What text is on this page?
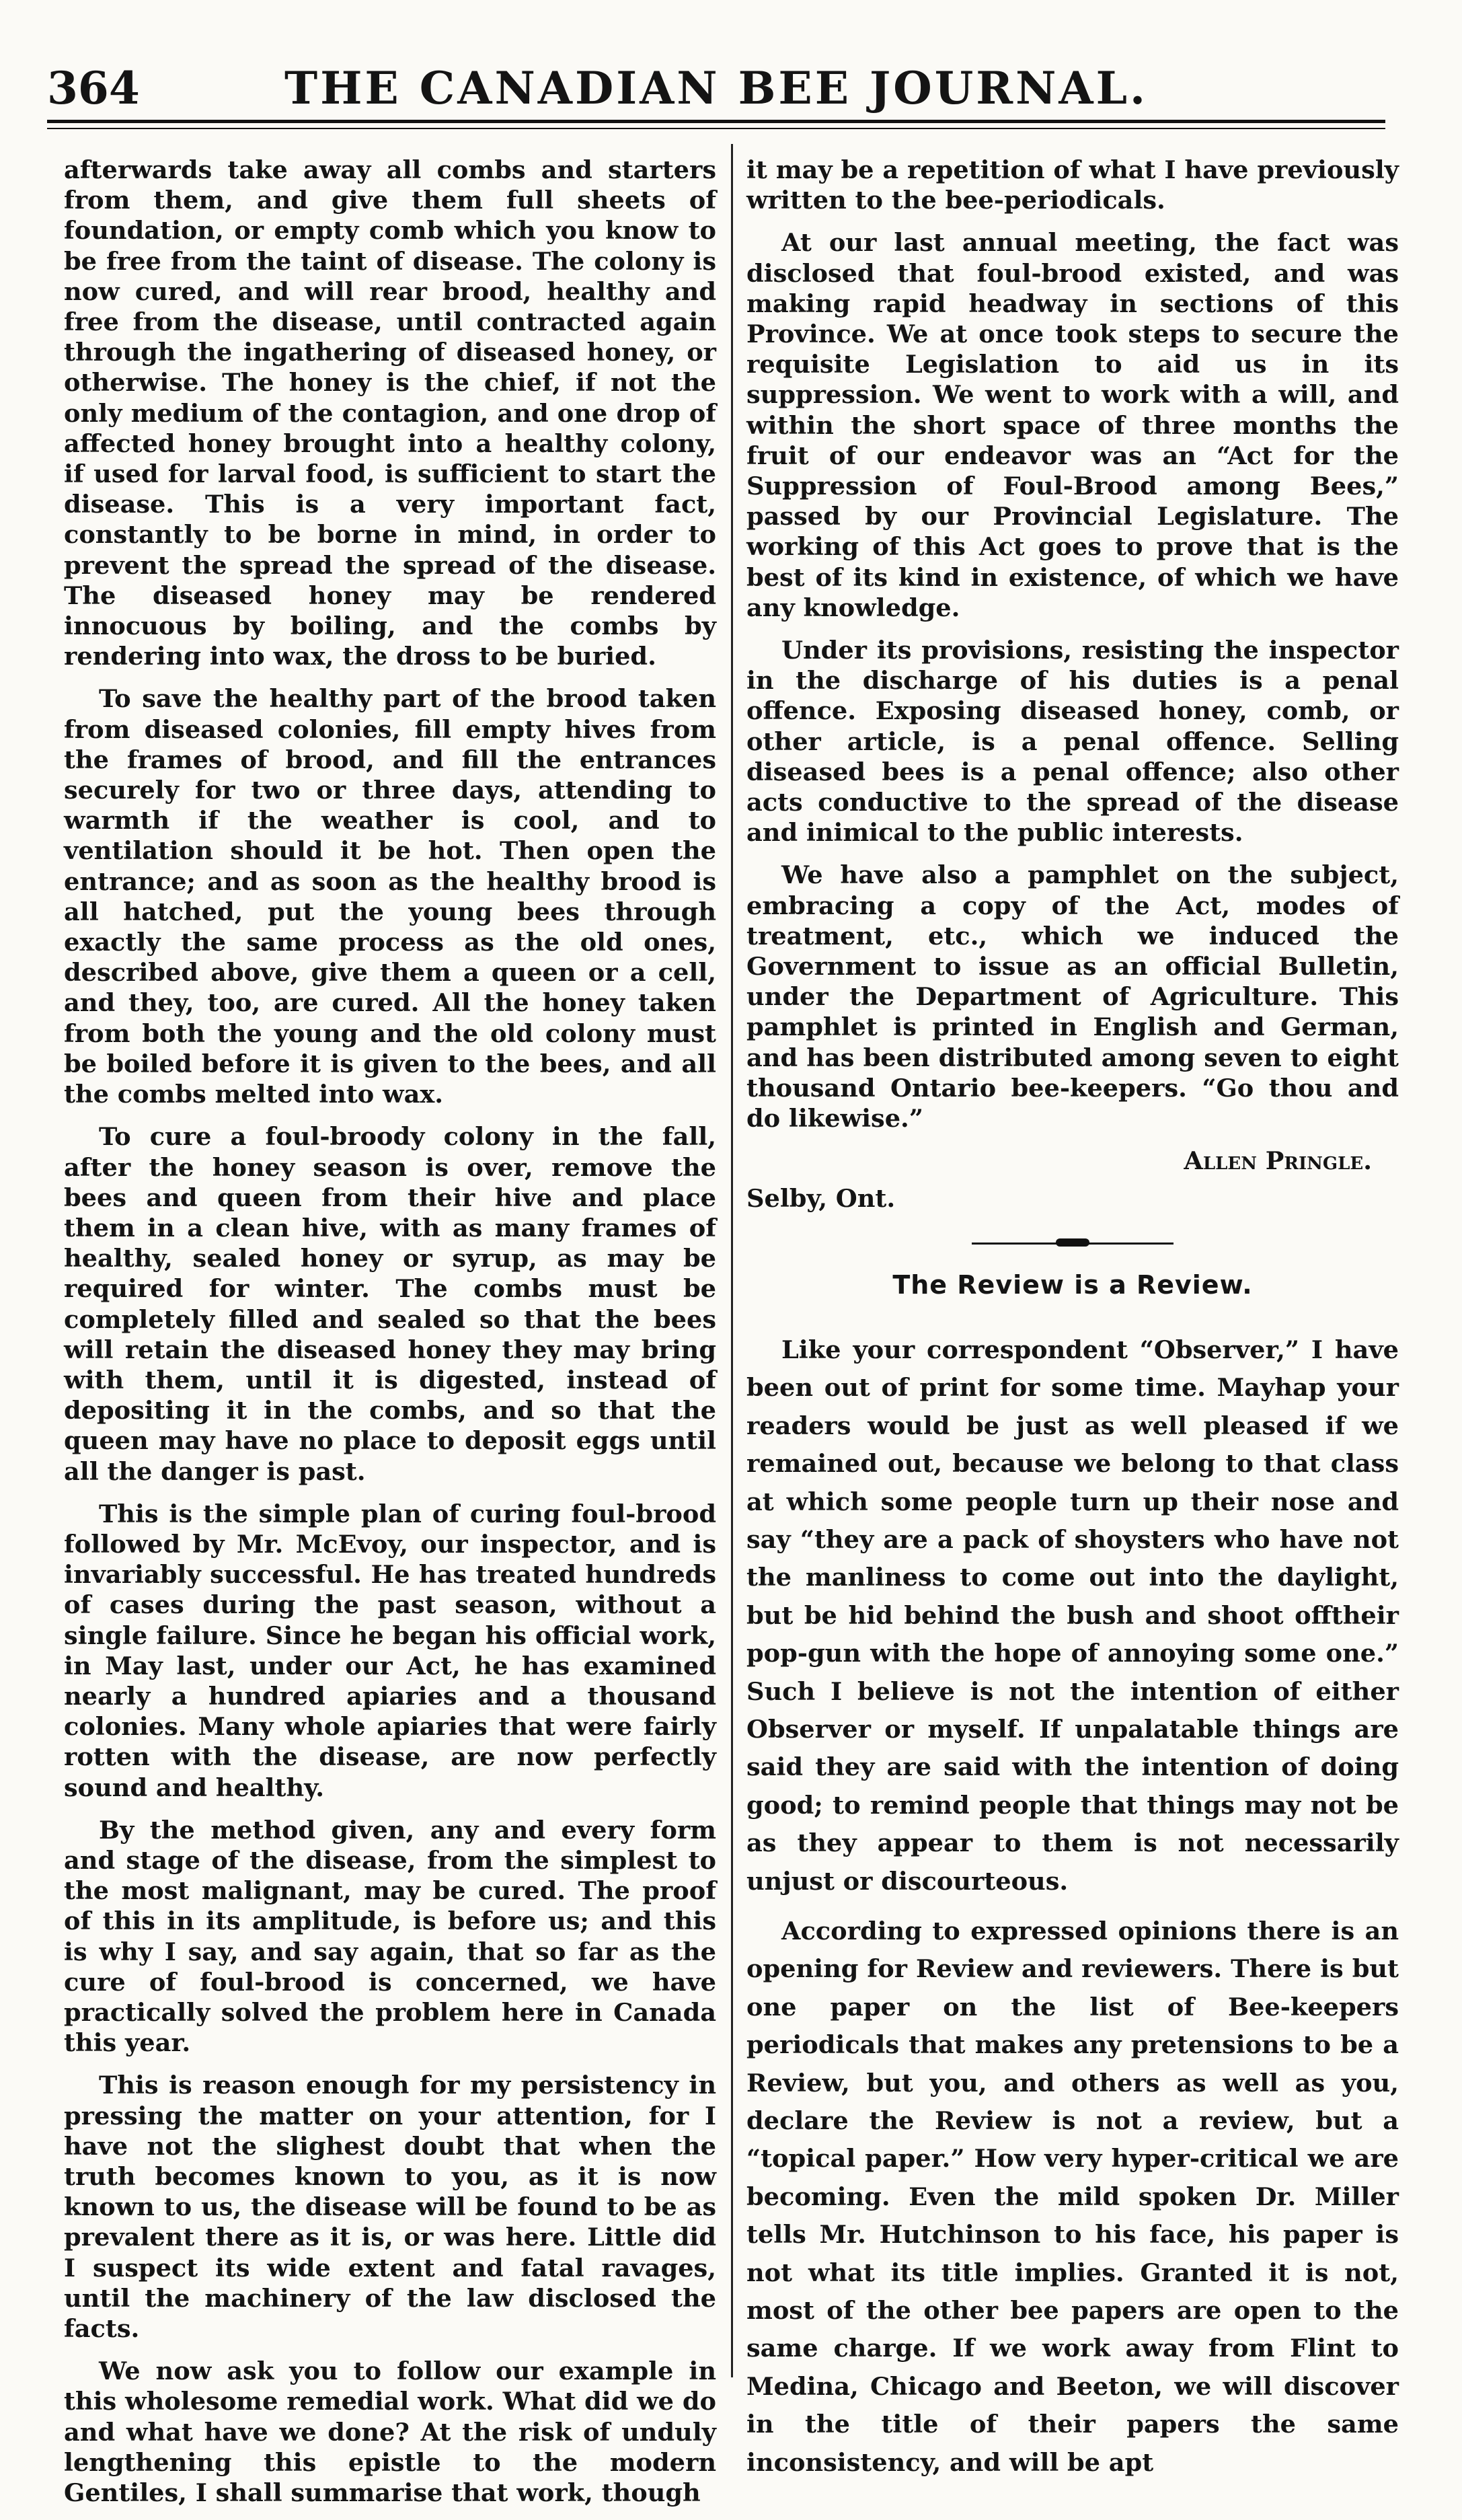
364	THE CANADIAN BEE JOURNAL.

afterwards take away all combs and starters from them, and give them full sheets of foundation, or empty comb which you know to be free from the taint of disease. The colony is now cured, and will rear brood, healthy and free from the disease, until contracted again through the ingathering of diseased honey, or otherwise. The honey is the chief, if not the only medium of the contagion, and one drop of affected honey brought into a healthy colony, if used for larval food, is sufficient to start the disease. This is a very important fact, constantly to be borne in mind, in order to prevent the spread the spread of the disease. The diseased honey may be rendered innocuous by boiling, and the combs by rendering into wax, the dross to be buried.

To save the healthy part of the brood taken from diseased colonies, fill empty hives from the frames of brood, and fill the entrances securely for two or three days, attending to warmth if the weather is cool, and to ventilation should it be hot. Then open the entrance; and as soon as the healthy brood is all hatched, put the young bees through exactly the same process as the old ones, described above, give them a queen or a cell, and they, too, are cured. All the honey taken from both the young and the old colony must be boiled before it is given to the bees, and all the combs melted into wax.

To cure a foul-broody colony in the fall, after the honey season is over, remove the bees and queen from their hive and place them in a clean hive, with as many frames of healthy, sealed honey or syrup, as may be required for winter. The combs must be completely filled and sealed so that the bees will retain the diseased honey they may bring with them, until it is digested, instead of depositing it in the combs, and so that the queen may have no place to deposit eggs until all the danger is past.

This is the simple plan of curing foul-brood followed by Mr. McEvoy, our inspector, and is invariably successful. He has treated hundreds of cases during the past season, without a single failure. Since he began his official work, in May last, under our Act, he has examined nearly a hundred apiaries and a thousand colonies. Many whole apiaries that were fairly rotten with the disease, are now perfectly sound and healthy.

By the method given, any and every form and stage of the disease, from the simplest to the most malignant, may be cured. The proof of this in its amplitude, is before us; and this is why I say, and say again, that so far as the cure of foul-brood is concerned, we have practically solved the problem here in Canada this year.

This is reason enough for my persistency in pressing the matter on your attention, for I have not the slighest doubt that when the truth becomes known to you, as it is now known to us, the disease will be found to be as prevalent there as it is, or was here. Little did I suspect its wide extent and fatal ravages, until the machinery of the law disclosed the facts.

We now ask you to follow our example in this wholesome remedial work. What did we do and what have we done? At the risk of unduly lengthening this epistle to the modern Gentiles, I shall summarise that work, though

it may be a repetition of what I have previously written to the bee-periodicals.

At our last annual meeting, the fact was disclosed that foul-brood existed, and was making rapid headway in sections of this Province. We at once took steps to secure the requisite Legislation to aid us in its suppression. We went to work with a will, and within the short space of three months the fruit of our endeavor was an “Act for the Suppression of Foul-Brood among Bees,” passed by our Provincial Legislature. The working of this Act goes to prove that is the best of its kind in existence, of which we have any knowledge.

Under its provisions, resisting the inspector in the discharge of his duties is a penal offence. Exposing diseased honey, comb, or other article, is a penal offence. Selling diseased bees is a penal offence; also other acts conductive to the spread of the disease and inimical to the public interests.

We have also a pamphlet on the subject, embracing a copy of the Act, modes of treatment, etc., which we induced the Government to issue as an official Bulletin, under the Department of Agriculture. This pamphlet is printed in English and German, and has been distributed among seven to eight thousand Ontario bee-keepers. “Go thou and do likewise.”

Allen Pringle.
Selby, Ont.
The Review is a Review.

Like your correspondent “Observer,” I have been out of print for some time. Mayhap your readers would be just as well pleased if we remained out, because we belong to that class at which some people turn up their nose and say “they are a pack of shoysters who have not the manliness to come out into the daylight, but be hid behind the bush and shoot offtheir pop-gun with the hope of annoying some one.” Such I believe is not the intention of either Observer or myself. If unpalatable things are said they are said with the intention of doing good; to remind people that things may not be as they appear to them is not necessarily unjust or discourteous.

According to expressed opinions there is an opening for Review and reviewers. There is but one paper on the list of Bee-keepers periodicals that makes any pretensions to be a Review, but you, and others as well as you, declare the Review is not a review, but a “topical paper.” How very hyper-critical we are becoming. Even the mild spoken Dr. Miller tells Mr. Hutchinson to his face, his paper is not what its title implies. Granted it is not, most of the other bee papers are open to the same charge. If we work away from Flint to Medina, Chicago and Beeton, we will discover in the title of their papers the same inconsistency, and will be apt
